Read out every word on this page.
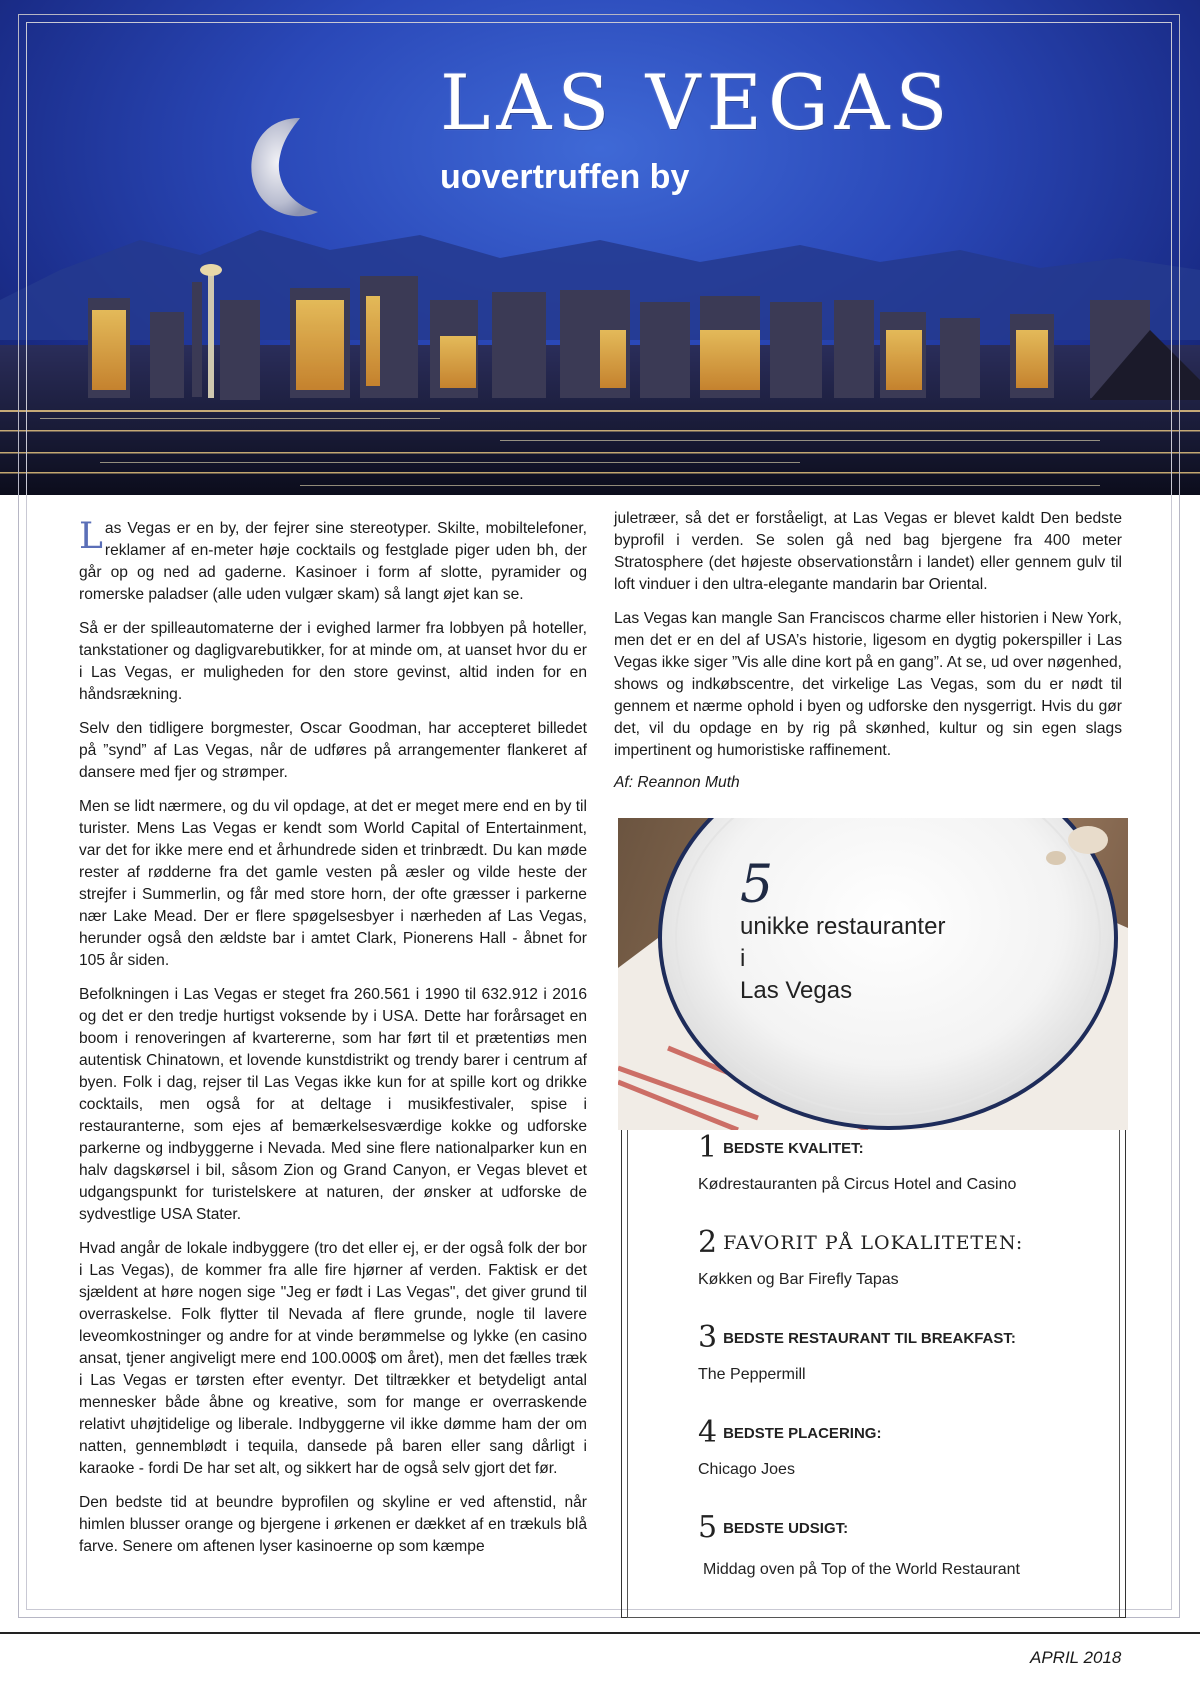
LAS VEGAS
uovertruffen by

Las Vegas er en by, der fejrer sine stereotyper. Skilte, mobiltelefoner, reklamer af en-meter høje cocktails og festglade piger uden bh, der går op og ned ad gaderne. Kasinoer i form af slotte, pyramider og romerske paladser (alle uden vulgær skam) så langt øjet kan se.

Så er der spilleautomaterne der i evighed larmer fra lobbyen på hoteller, tankstationer og dagligvarebutikker, for at minde om, at uanset hvor du er i Las Vegas, er muligheden for den store gevinst, altid inden for en håndsrækning.

Selv den tidligere borgmester, Oscar Goodman, har accepteret billedet på ”synd” af Las Vegas, når de udføres på arrangementer flankeret af dansere med fjer og strømper.

Men se lidt nærmere, og du vil opdage, at det er meget mere end en by til turister. Mens Las Vegas er kendt som World Capital of Entertainment, var det for ikke mere end et århundrede siden et trinbrædt. Du kan møde rester af rødderne fra det gamle vesten på æsler og vilde heste der strejfer i Summerlin, og får med store horn, der ofte græsser i parkerne nær Lake Mead. Der er flere spøgelsesbyer i nærheden af Las Vegas, herunder også den ældste bar i amtet Clark, Pionerens Hall - åbnet for 105 år siden.

Befolkningen i Las Vegas er steget fra 260.561 i 1990 til 632.912 i 2016 og det er den tredje hurtigst voksende by i USA. Dette har forårsaget en boom i renoveringen af kvartererne, som har ført til et prætentiøs men autentisk Chinatown, et lovende kunstdistrikt og trendy barer i centrum af byen. Folk i dag, rejser til Las Vegas ikke kun for at spille kort og drikke cocktails, men også for at deltage i musikfestivaler, spise i restauranterne, som ejes af bemærkelsesværdige kokke og udforske parkerne og indbyggerne i Nevada. Med sine flere nationalparker kun en halv dagskørsel i bil, såsom Zion og Grand Canyon, er Vegas blevet et udgangspunkt for turistelskere at naturen, der ønsker at udforske de sydvestlige USA Stater.

Hvad angår de lokale indbyggere (tro det eller ej, er der også folk der bor i Las Vegas), de kommer fra alle fire hjørner af verden. Faktisk er det sjældent at høre nogen sige "Jeg er født i Las Vegas", det giver grund til overraskelse. Folk flytter til Nevada af flere grunde, nogle til lavere leveomkostninger og andre for at vinde berømmelse og lykke (en casino ansat, tjener angiveligt mere end 100.000$ om året), men det fælles træk i Las Vegas er tørsten efter eventyr. Det tiltrækker et betydeligt antal mennesker både åbne og kreative, som for mange er overraskende relativt uhøjtidelige og liberale. Indbyggerne vil ikke dømme ham der om natten, gennemblødt i tequila, dansede på baren eller sang dårligt i karaoke - fordi De har set alt, og sikkert har de også selv gjort det før.

Den bedste tid at beundre byprofilen og skyline er ved aftenstid, når himlen blusser orange og bjergene i ørkenen er dækket af en trækuls blå farve. Senere om aftenen lyser kasinoerne op som kæmpe

juletræer, så det er forståeligt, at Las Vegas er blevet kaldt Den bedste byprofil i verden. Se solen gå ned bag bjergene fra 400 meter Stratosphere (det højeste observationstårn i landet) eller gennem gulv til loft vinduer i den ultra-elegante mandarin bar Oriental.

Las Vegas kan mangle San Franciscos charme eller historien i New York, men det er en del af USA’s historie, ligesom en dygtig pokerspiller i Las Vegas ikke siger ”Vis alle dine kort på en gang”. At se, ud over nøgenhed, shows og indkøbscentre, det virkelige Las Vegas, som du er nødt til gennem et nærme ophold i byen og udforske den nysgerrigt. Hvis du gør det, vil du opdage en by rig på skønhed, kultur og sin egen slags impertinent og humoristiske raffinement.

Af: Reannon Muth
5
unikke restauranter
i
Las Vegas
1 BEDSTE KVALITET:
Kødrestauranten på Circus Hotel and Casino
2 FAVORIT PÅ LOKALITETEN:
Køkken og Bar Firefly Tapas
3 BEDSTE RESTAURANT TIL BREAKFAST:
The Peppermill
4 BEDSTE PLACERING:
Chicago Joes
5 BEDSTE UDSIGT:
Middag oven på Top of the World Restaurant
APRIL 2018
